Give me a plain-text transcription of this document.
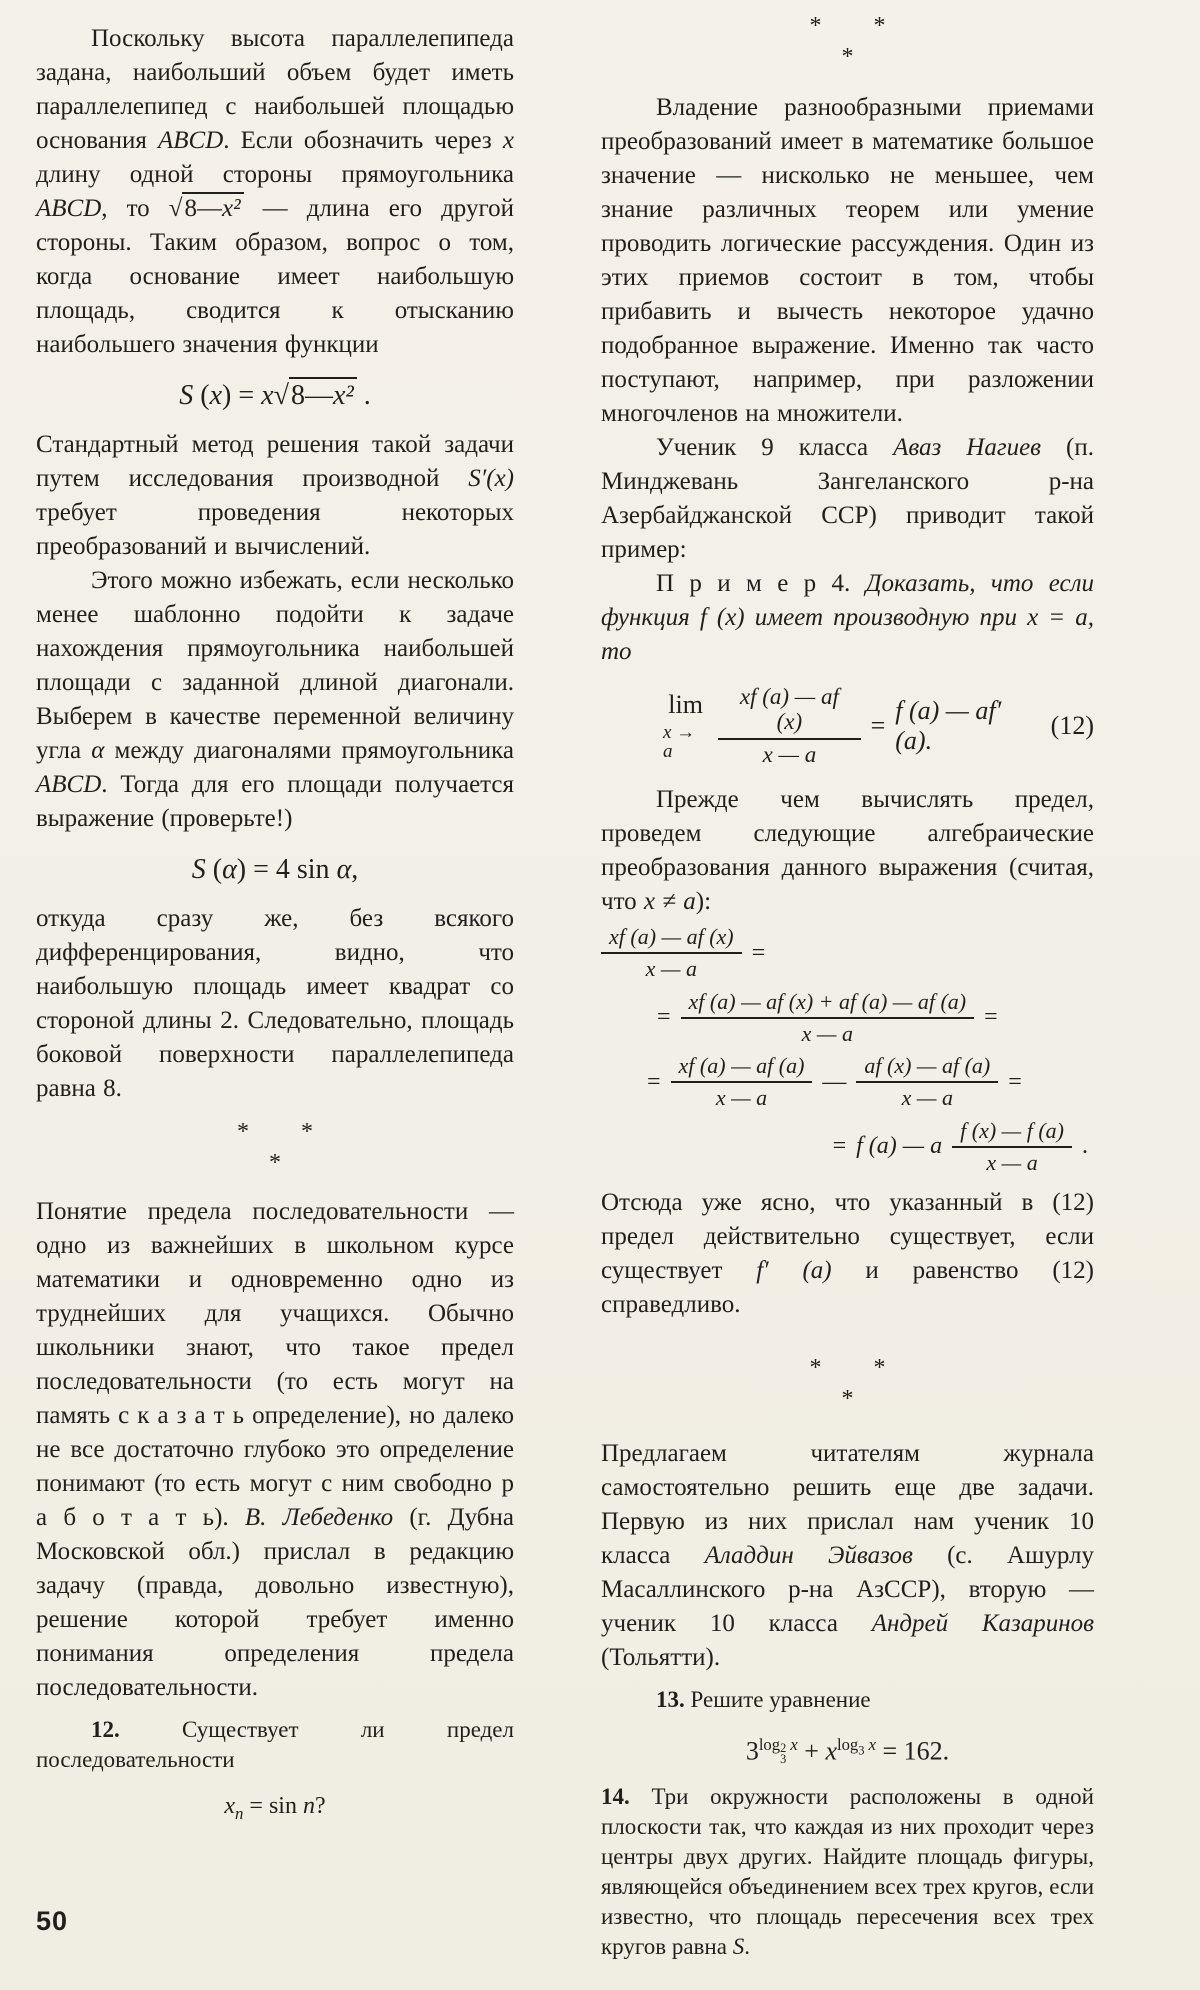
Поскольку высота параллелепипеда задана, наибольший объем будет иметь параллелепипед с наибольшей площадью основания ABCD. Если обозначить через x длину одной стороны прямоугольника ABCD, то √8—x² — длина его другой стороны. Таким образом, вопрос о том, когда основание имеет наибольшую площадь, сводится к отысканию наибольшего значения функции

S (x) = x√8—x² .

Стандартный метод решения такой задачи путем исследования производной S′(x) требует проведения некоторых преобразований и вычислений.

Этого можно избежать, если несколько менее шаблонно подойти к задаче нахождения прямоугольника наибольшей площади с заданной длиной диагонали. Выберем в качестве переменной величину угла α между диагоналями прямоугольника ABCD. Тогда для его площади получается выражение (проверьте!)

S (α) = 4 sin α,

откуда сразу же, без всякого дифференцирования, видно, что наибольшую площадь имеет квадрат со стороной длины 2. Следовательно, площадь боковой поверхности параллелепипеда равна 8.

* *
*

Понятие предела последовательности — одно из важнейших в школьном курсе математики и одновременно одно из труднейших для учащихся. Обычно школьники знают, что такое предел последовательности (то есть могут на память с к а з а т ь определение), но далеко не все достаточно глубоко это определение понимают (то есть могут с ним свободно р а б о т а т ь). В. Лебеденко (г. Дубна Московской обл.) прислал в редакцию задачу (правда, довольно известную), решение которой требует именно понимания определения предела последовательности.

12. Существует ли предел последовательности

$x_n = \sin n$?
* *
*

Владение разнообразными приемами преобразований имеет в математике большое значение — нисколько не меньшее, чем знание различных теорем или умение проводить логические рассуждения. Один из этих приемов состоит в том, чтобы прибавить и вычесть некоторое удачно подобранное выражение. Именно так часто поступают, например, при разложении многочленов на множители.

Ученик 9 класса Аваз Нагиев (п. Минджевань Зангеланского р-на Азербайджанской ССР) приводит такой пример:

П р и м е р 4. Доказать, что если функция f (x) имеет производную при x = a, то

lim
x → a	$\frac{xf (a) — af (x)}{x — a}$ =
f (a) — af′ (a).
(12)

Прежде чем вычислять предел, проведем следующие алгебраические преобразования данного выражения (считая, что x ≠ a):

$\frac{xf (a) — af (x)}{x — a}$ =
= $\frac{xf (a) — af (x) + af (a) — af (a)}{x — a}$ =
= $\frac{xf (a) — af (a)}{x — a}$ — $\frac{af (x) — af (a)}{x — a}$ =
= f (a) — a $\frac{f (x) — f (a)}{x — a}$ .

Отсюда уже ясно, что указанный в (12) предел действительно существует, если существует f′ (a) и равенство (12) справедливо.

* *
*

Предлагаем читателям журнала самостоятельно решить еще две задачи. Первую из них прислал нам ученик 10 класса Аладдин Эйвазов (с. Ашурлу Масаллинского р-на АзССР), вторую — ученик 10 класса Андрей Казаринов (Тольятти).

13. Решите уравнение

$3^{log 2 3 x} + x^{log_3 x} = 162$.

14. Три окружности расположены в одной плоскости так, что каждая из них проходит через центры двух других. Найдите площадь фигуры, являющейся объединением всех трех кругов, если известно, что площадь пересечения всех трех кругов равна S.

50
